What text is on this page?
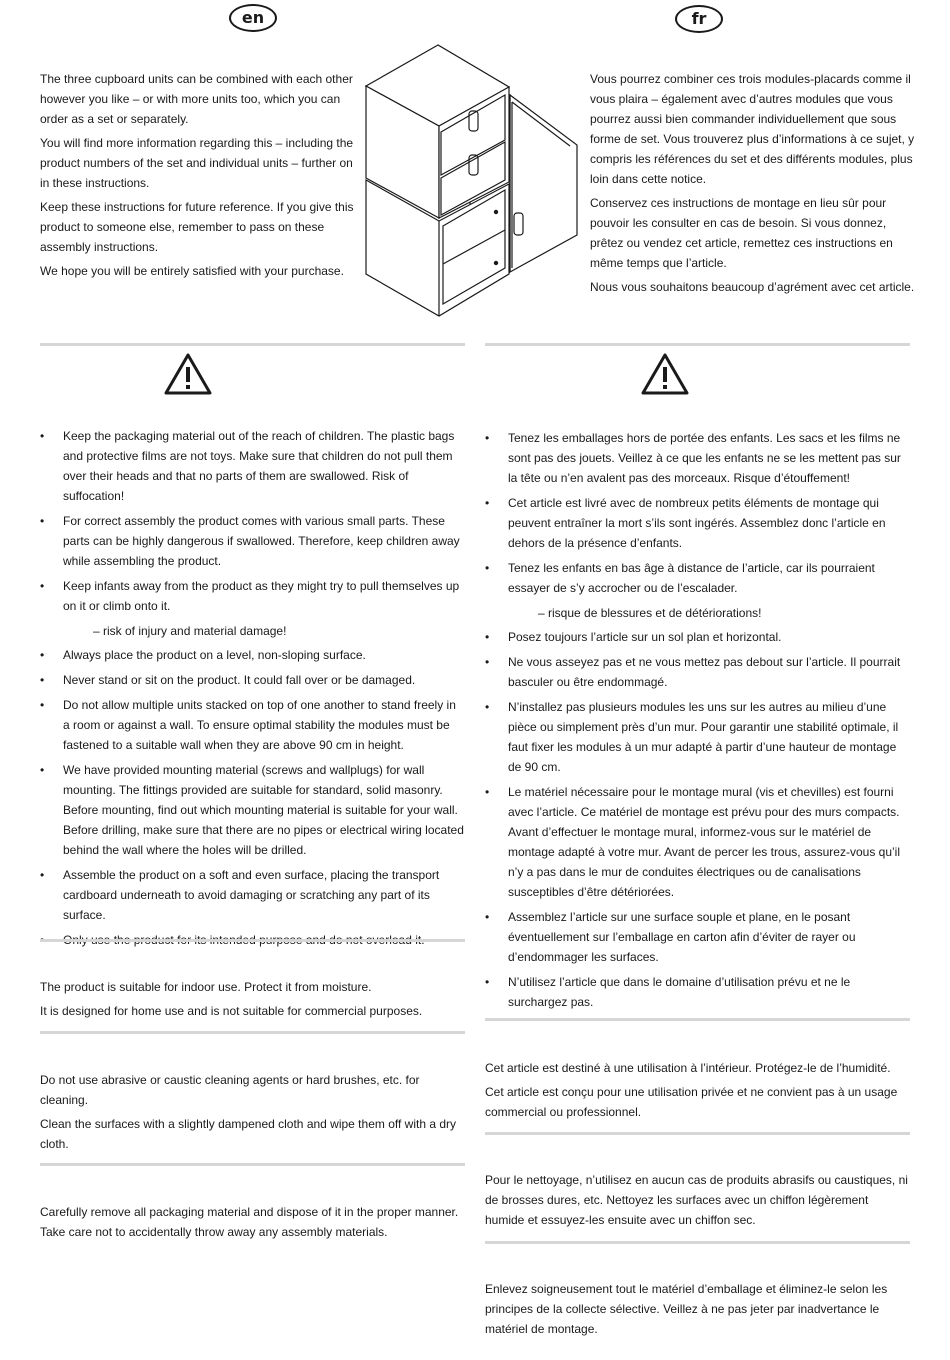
en	fr

The three cupboard units can be combined with each other however you like – or with more units too, which you can order as a set or separately.

You will find more information regarding this – including the product numbers of the set and individual units – further on in these instructions.

Keep these instructions for future reference. If you give this product to someone else, remember to pass on these assembly instructions.

We hope you will be entirely satisfied with your purchase.

Vous pourrez combiner ces trois modules-placards comme il vous plaira – également avec d’autres modules que vous pourrez aussi bien commander individuellement que sous forme de set. Vous trouverez plus d’informations à ce sujet, y compris les références du set et des différents modules, plus loin dans cette notice.

Conservez ces instructions de montage en lieu sûr pour pouvoir les consulter en cas de besoin. Si vous donnez, prêtez ou vendez cet article, remettez ces instructions en même temps que l’article.

Nous vous souhaitons beaucoup d’agrément avec cet article.

• Keep the packaging material out of the reach of children. The plastic bags and protective films are not toys. Make sure that children do not pull them over their heads and that no parts of them are swallowed. Risk of suffocation!
• For correct assembly the product comes with various small parts. These parts can be highly dangerous if swallowed. Therefore, keep children away while assembling the product.
• Keep infants away from the product as they might try to pull themselves up on it or climb onto it.
– risk of injury and material damage!
• Always place the product on a level, non-sloping surface.
• Never stand or sit on the product. It could fall over or be damaged.
• Do not allow multiple units stacked on top of one another to stand freely in a room or against a wall. To ensure optimal stability the modules must be fastened to a suitable wall when they are above 90 cm in height.
• We have provided mounting material (screws and wallplugs) for wall mounting. The fittings provided are suitable for standard, solid masonry. Before mounting, find out which mounting material is suitable for your wall. Before drilling, make sure that there are no pipes or electrical wiring located behind the wall where the holes will be drilled.
• Assemble the product on a soft and even surface, placing the transport cardboard underneath to avoid damaging or scratching any part of its surface.
• Tenez les emballages hors de portée des enfants. Les sacs et les films ne sont pas des jouets. Veillez à ce que les enfants ne se les mettent pas sur la tête ou n’en avalent pas des morceaux. Risque d’étouffement!
• Cet article est livré avec de nombreux petits éléments de montage qui peuvent entraîner la mort s’ils sont ingérés. Assemblez donc l’article en dehors de la présence d’enfants.
• Tenez les enfants en bas âge à distance de l’article, car ils pourraient essayer de s’y accrocher ou de l’escalader.
– risque de blessures et de détériorations!
• Posez toujours l’article sur un sol plan et horizontal.
• Ne vous asseyez pas et ne vous mettez pas debout sur l’article. Il pourrait basculer ou être endommagé.
• N’installez pas plusieurs modules les uns sur les autres au milieu d’une pièce ou simplement près d’un mur. Pour garantir une stabilité optimale, il faut fixer les modules à un mur adapté à partir d’une hauteur de montage de 90 cm.
• Le matériel nécessaire pour le montage mural (vis et chevilles) est fourni avec l’article. Ce matériel de montage est prévu pour des murs compacts. Avant d’effectuer le montage mural, informez-vous sur le matériel de montage adapté à votre mur. Avant de percer les trous, assurez-vous qu’il n’y a pas dans le mur de conduites électriques ou de canalisations susceptibles d’être détériorées.
• Assemblez l’article sur une surface souple et plane, en le posant éventuellement sur l’emballage en carton afin d’éviter de rayer ou d’endommager les surfaces.
• N’utilisez l’article que dans le domaine d’utilisation prévu et ne le surchargez pas.

The product is suitable for indoor use. Protect it from moisture.

It is designed for home use and is not suitable for commercial purposes.

Do not use abrasive or caustic cleaning agents or hard brushes, etc. for cleaning.

Clean the surfaces with a slightly dampened cloth and wipe them off with a dry cloth.

Carefully remove all packaging material and dispose of it in the proper manner. Take care not to accidentally throw away any assembly materials.

Cet article est destiné à une utilisation à l’intérieur. Protégez-le de l’humidité.

Cet article est conçu pour une utilisation privée et ne convient pas à un usage commercial ou professionnel.

Pour le nettoyage, n’utilisez en aucun cas de produits abrasifs ou caustiques, ni de brosses dures, etc. Nettoyez les surfaces avec un chiffon légèrement humide et essuyez-les ensuite avec un chiffon sec.

Enlevez soigneusement tout le matériel d’emballage et éliminez-le selon les principes de la collecte sélective. Veillez à ne pas jeter par inadvertance le matériel de montage.
